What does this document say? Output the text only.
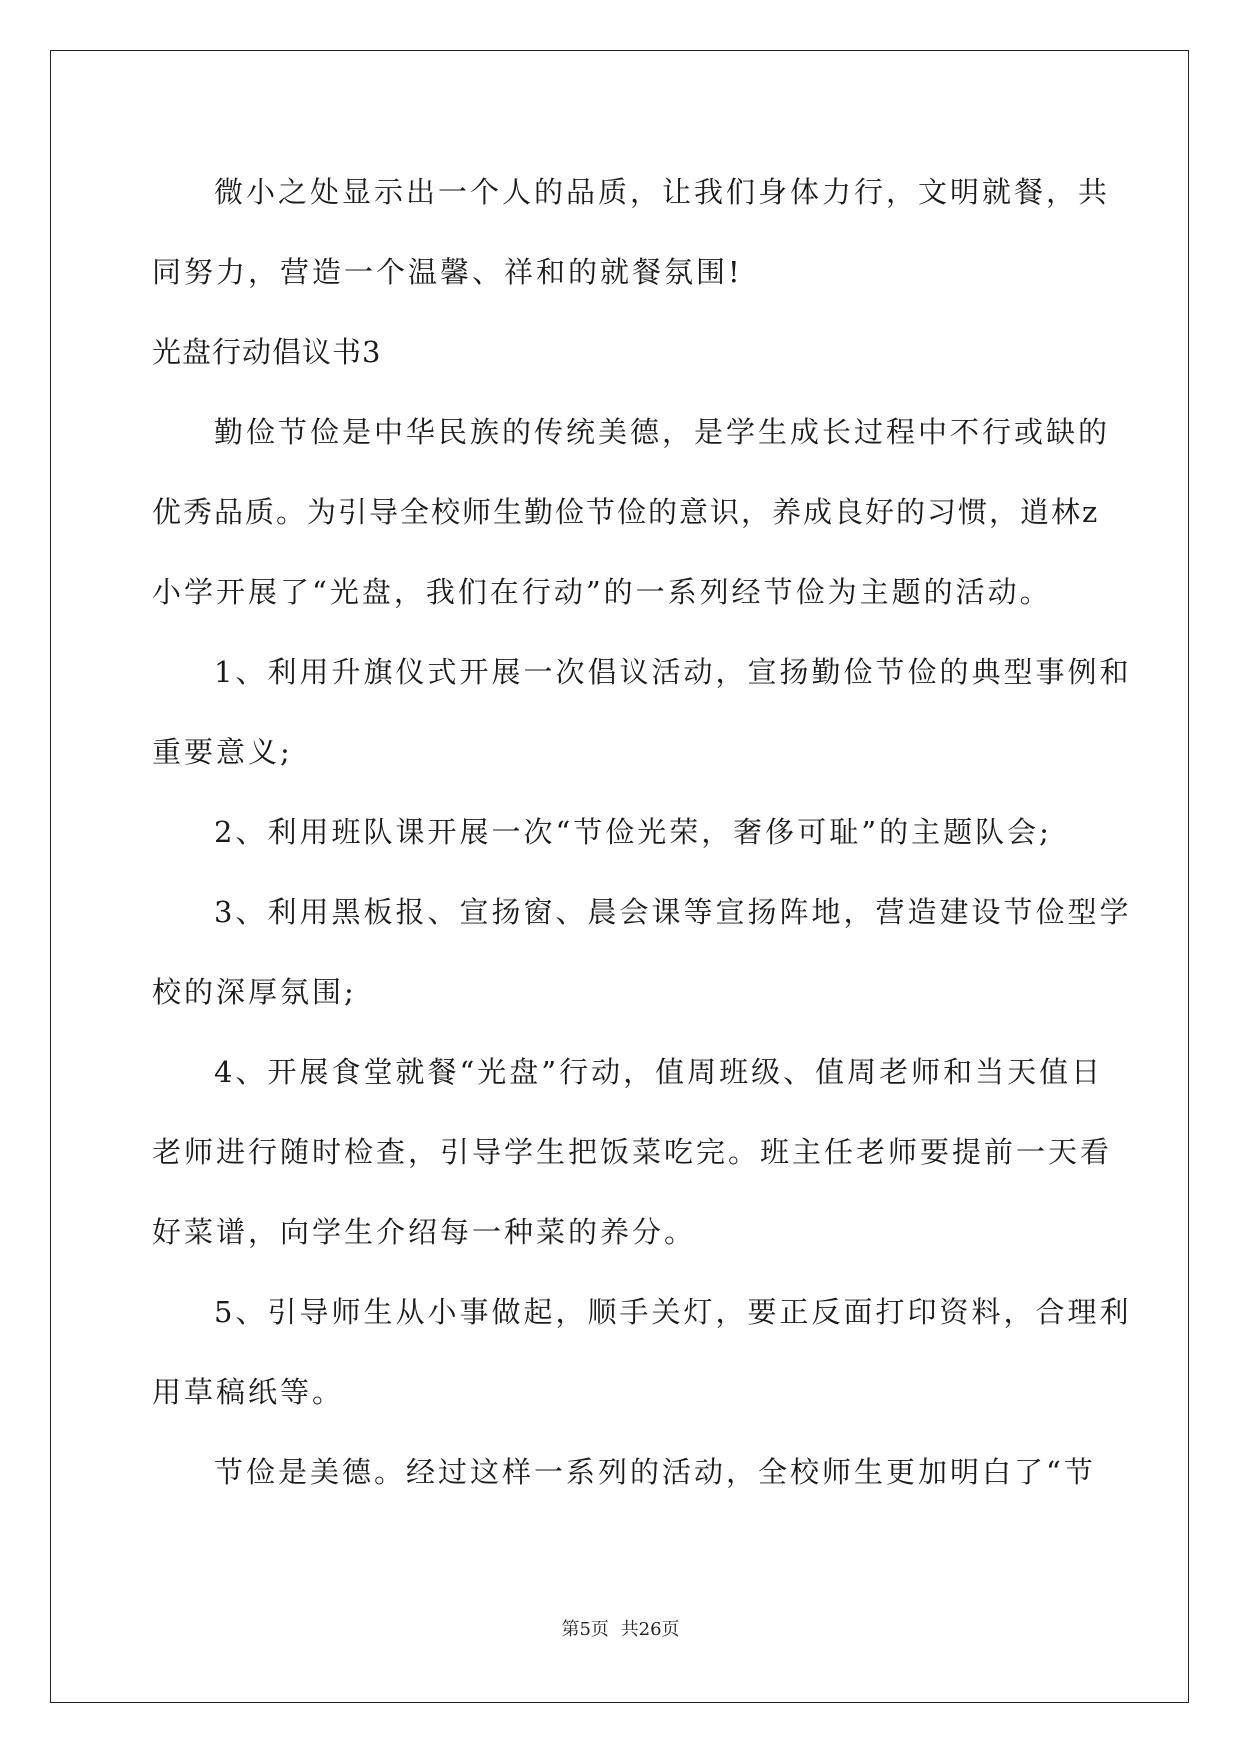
微小之处显示出一个人的品质，让我们身体力行，文明就餐，共
同努力，营造一个温馨、祥和的就餐氛围!
光盘行动倡议书3
勤俭节俭是中华民族的传统美德，是学生成长过程中不行或缺的
优秀品质。为引导全校师生勤俭节俭的意识，养成良好的习惯，逍林z
小学开展了“光盘，我们在行动”的一系列经节俭为主题的活动。
1、利用升旗仪式开展一次倡议活动，宣扬勤俭节俭的典型事例和
重要意义;
2、利用班队课开展一次“节俭光荣，奢侈可耻”的主题队会;
3、利用黑板报、宣扬窗、晨会课等宣扬阵地，营造建设节俭型学
校的深厚氛围;
4、开展食堂就餐“光盘”行动，值周班级、值周老师和当天值日
老师进行随时检查，引导学生把饭菜吃完。班主任老师要提前一天看
好菜谱，向学生介绍每一种菜的养分。
5、引导师生从小事做起，顺手关灯，要正反面打印资料，合理利
用草稿纸等。
节俭是美德。经过这样一系列的活动，全校师生更加明白了“节
第5页 共26页
